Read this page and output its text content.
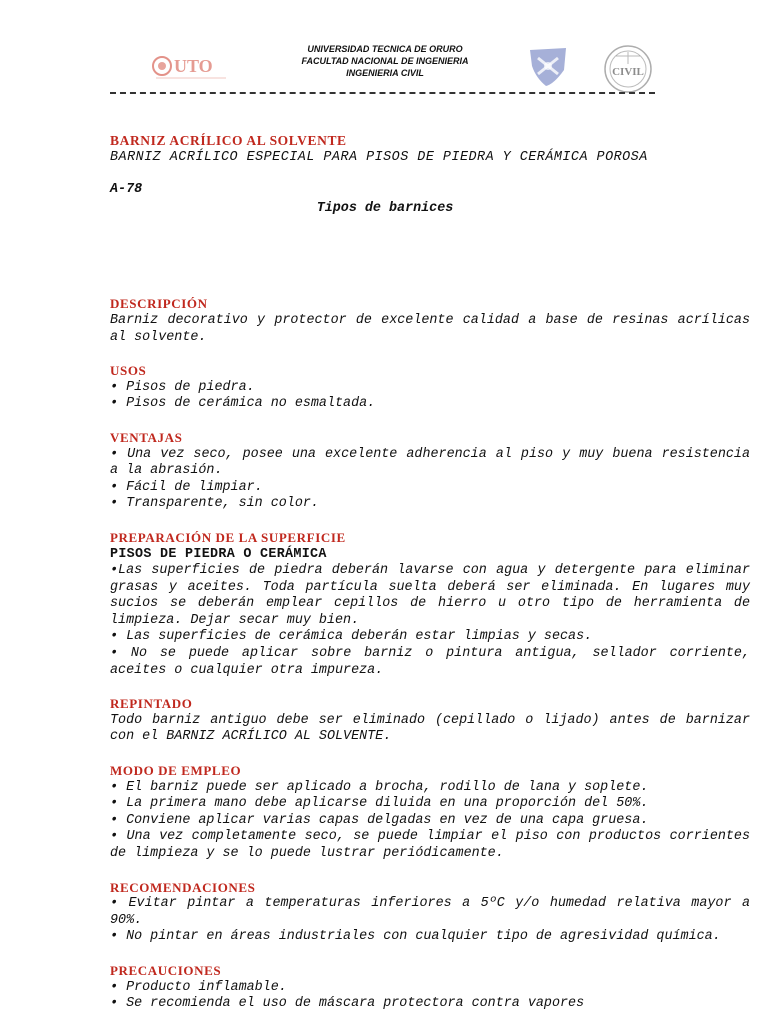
UTO
UNIVERSIDAD TECNICA DE ORURO
FACULTAD NACIONAL DE INGENIERIA
INGENIERIA CIVIL	CIVIL
BARNIZ ACRÍLICO AL SOLVENTE
BARNIZ ACRÍLICO ESPECIAL PARA PISOS DE PIEDRA Y CERÁMICA POROSA
A-78
Tipos de barnices
DESCRIPCIÓN

Barniz decorativo y protector de excelente calidad a base de resinas acrílicas al solvente.

USOS

• Pisos de piedra.

• Pisos de cerámica no esmaltada.

VENTAJAS

• Una vez seco, posee una excelente adherencia al piso y muy buena resistencia a la abrasión.

• Fácil de limpiar.

• Transparente, sin color.

PREPARACIÓN DE LA SUPERFICIE
PISOS DE PIEDRA O CERÁMICA

•Las superficies de piedra deberán lavarse con agua y detergente para eliminar grasas y aceites. Toda partícula suelta deberá ser eliminada. En lugares muy sucios se deberán emplear cepillos de hierro u otro tipo de herramienta de limpieza. Dejar secar muy bien.

• Las superficies de cerámica deberán estar limpias y secas.

• No se puede aplicar sobre barniz o pintura antigua, sellador corriente, aceites o cualquier otra impureza.

REPINTADO

Todo barniz antiguo debe ser eliminado (cepillado o lijado) antes de barnizar con el BARNIZ ACRÍLICO AL SOLVENTE.

MODO DE EMPLEO

• El barniz puede ser aplicado a brocha, rodillo de lana y soplete.

• La primera mano debe aplicarse diluida en una proporción del 50%.

• Conviene aplicar varias capas delgadas en vez de una capa gruesa.

• Una vez completamente seco, se puede limpiar el piso con productos corrientes de limpieza y se lo puede lustrar periódicamente.

RECOMENDACIONES

• Evitar pintar a temperaturas inferiores a 5ºC y/o humedad relativa mayor a 90%.

• No pintar en áreas industriales con cualquier tipo de agresividad química.

PRECAUCIONES

• Producto inflamable.

• Se recomienda el uso de máscara protectora contra vapores
